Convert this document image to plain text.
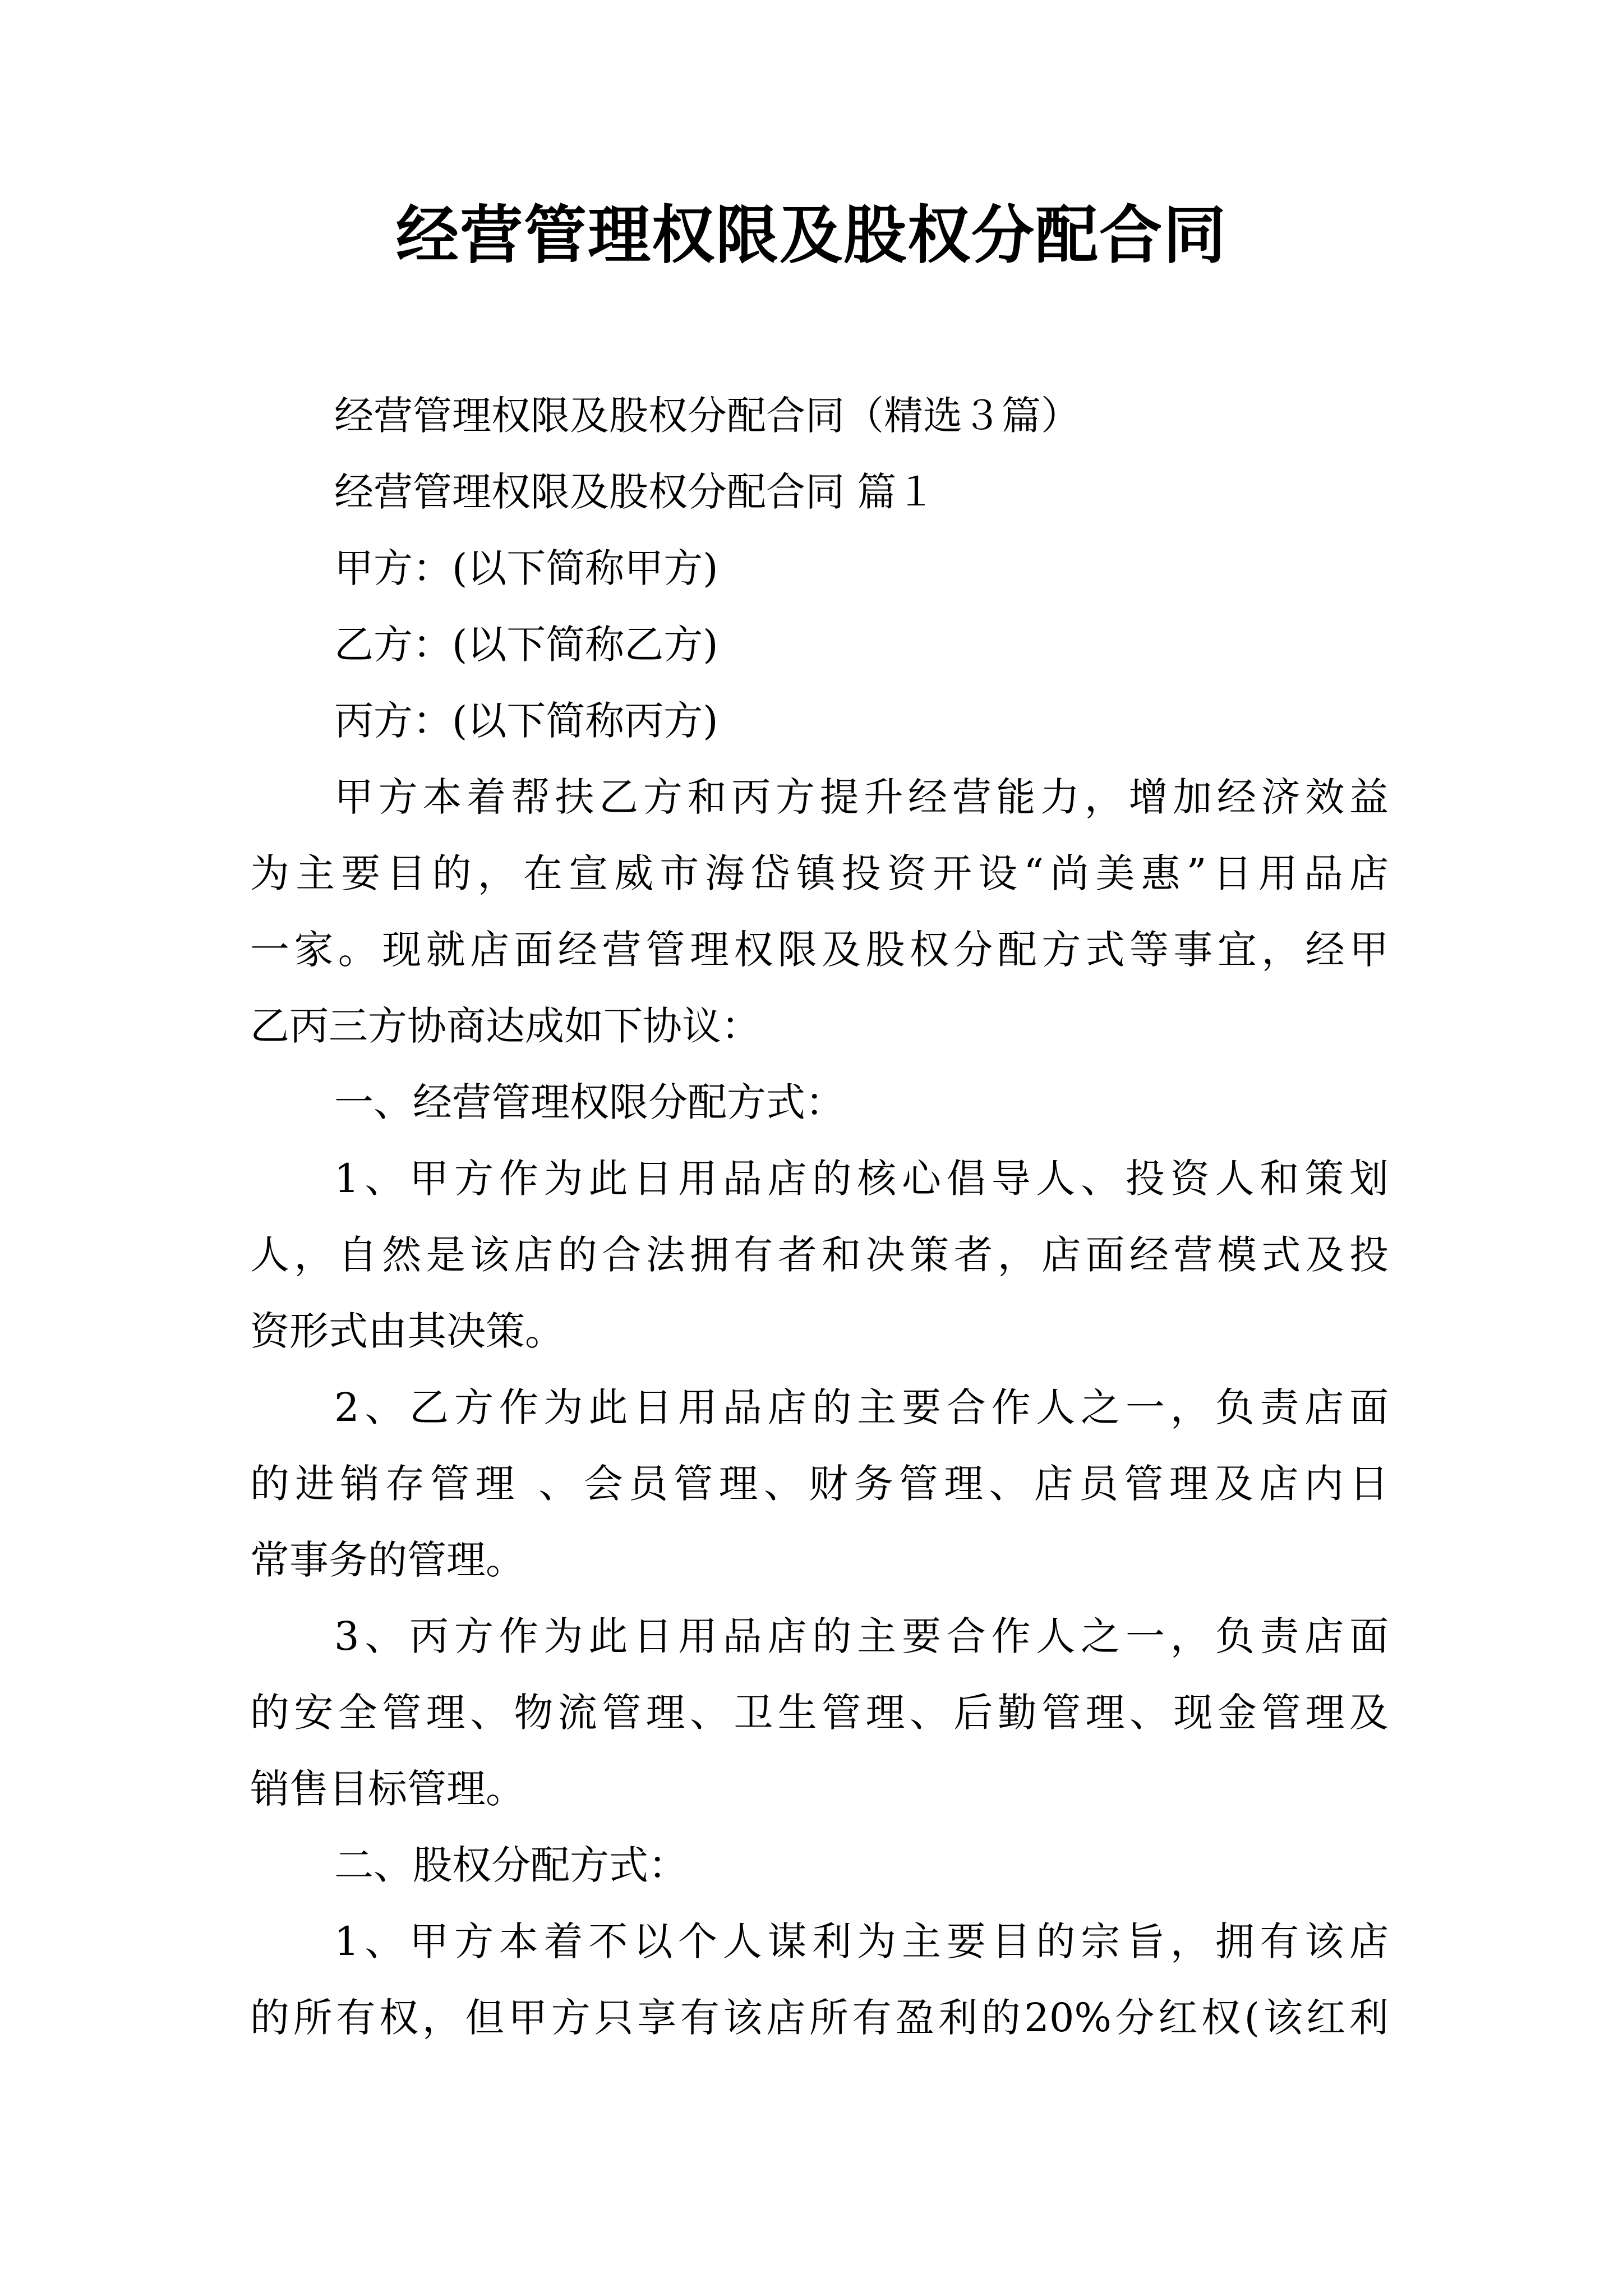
经营管理权限及股权分配合同
经营管理权限及股权分配合同（精选３篇）
经营管理权限及股权分配合同 篇１
甲方：(以下简称甲方)
乙方：(以下简称乙方)
丙方：(以下简称丙方)
甲方本着帮扶乙方和丙方提升经营能力，增加经济效益
为主要目的，在宣威市海岱镇投资开设“尚美惠”日用品店
一家。现就店面经营管理权限及股权分配方式等事宜，经甲
乙丙三方协商达成如下协议：
一、经营管理权限分配方式：
1、甲方作为此日用品店的核心倡导人、投资人和策划
人，自然是该店的合法拥有者和决策者，店面经营模式及投
资形式由其决策。
2、乙方作为此日用品店的主要合作人之一，负责店面
的进销存管理 、会员管理、财务管理、店员管理及店内日
常事务的管理。
3、丙方作为此日用品店的主要合作人之一，负责店面
的安全管理、物流管理、卫生管理、后勤管理、现金管理及
销售目标管理。
二、股权分配方式：
1、甲方本着不以个人谋利为主要目的宗旨，拥有该店
的所有权，但甲方只享有该店所有盈利的20%分红权(该红利
